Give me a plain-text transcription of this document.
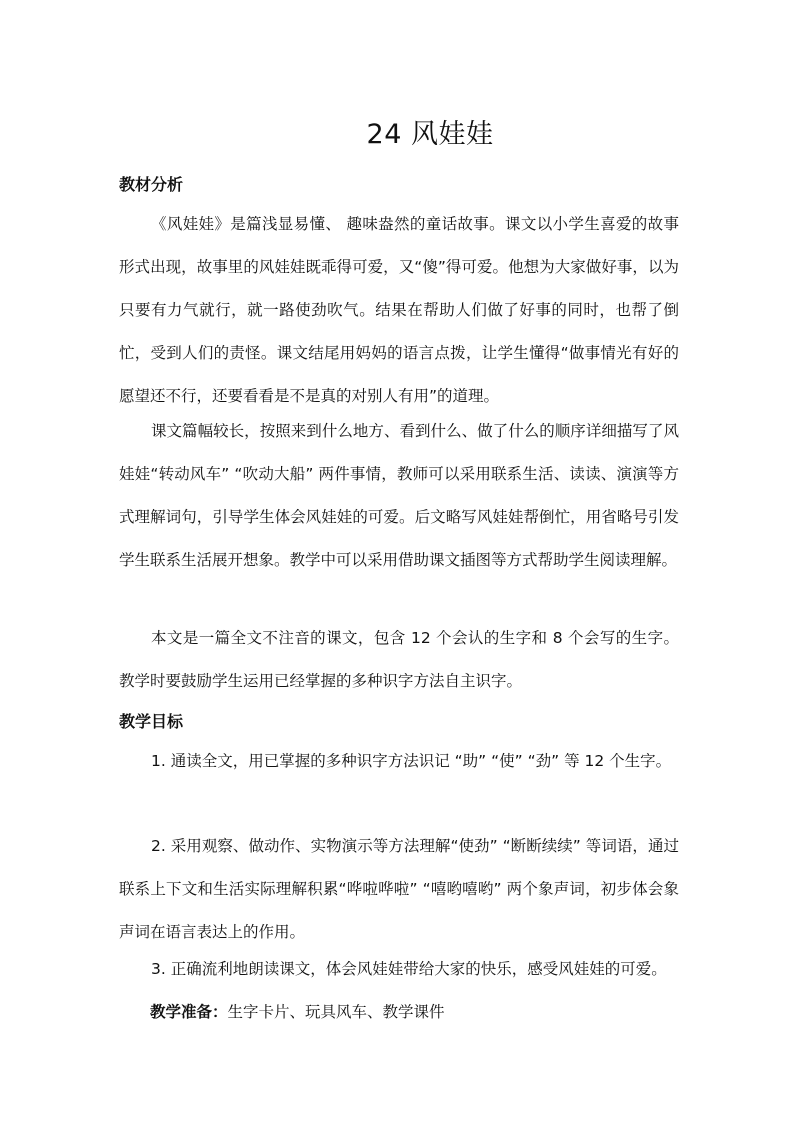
24 风娃娃
教材分析

《风娃娃》是篇浅显易懂、 趣味盎然的童话故事。课文以小学生喜爱的故事形式出现，故事里的风娃娃既乖得可爱，又“傻”得可爱。他想为大家做好事，以为只要有力气就行，就一路使劲吹气。结果在帮助人们做了好事的同时，也帮了倒忙，受到人们的责怪。课文结尾用妈妈的语言点拨，让学生懂得“做事情光有好的愿望还不行，还要看看是不是真的对别人有用”的道理。

课文篇幅较长，按照来到什么地方、看到什么、做了什么的顺序详细描写了风娃娃“转动风车” “吹动大船” 两件事情，教师可以采用联系生活、读读、演演等方式理解词句，引导学生体会风娃娃的可爱。后文略写风娃娃帮倒忙，用省略号引发学生联系生活展开想象。教学中可以采用借助课文插图等方式帮助学生阅读理解。

本文是一篇全文不注音的课文，包含 12 个会认的生字和 8 个会写的生字。教学时要鼓励学生运用已经掌握的多种识字方法自主识字。

教学目标

1. 通读全文，用已掌握的多种识字方法识记 “助” “使” “劲” 等 12 个生字。

2. 采用观察、做动作、实物演示等方法理解“使劲” “断断续续” 等词语，通过联系上下文和生活实际理解积累“哗啦哗啦” “嘻哟嘻哟” 两个象声词，初步体会象声词在语言表达上的作用。

3. 正确流利地朗读课文，体会风娃娃带给大家的快乐，感受风娃娃的可爱。

教学准备：生字卡片、玩具风车、教学课件
